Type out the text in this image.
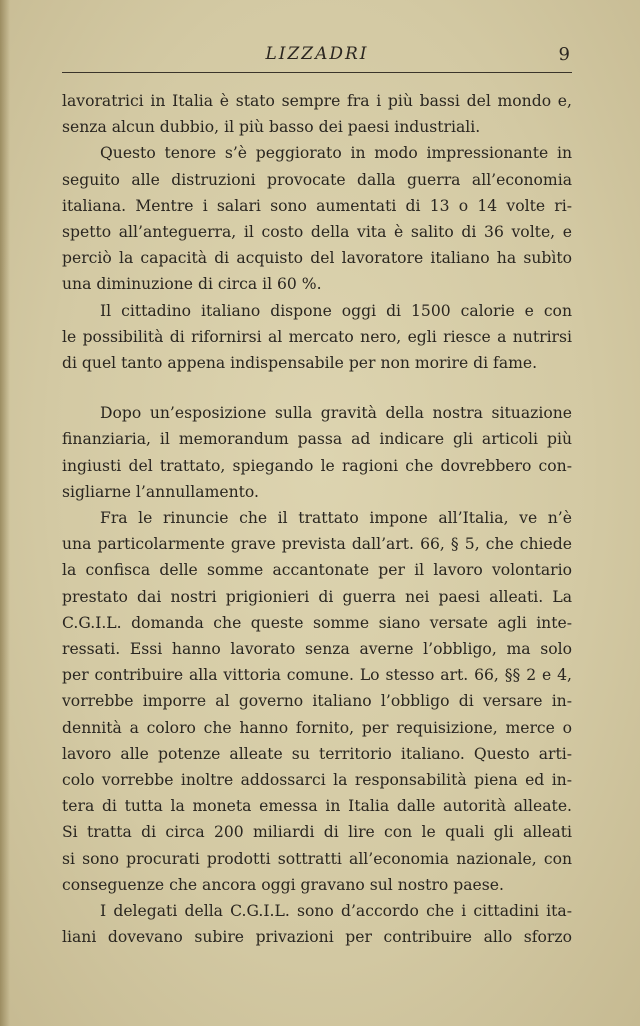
LIZZADRI	9
lavoratrici in Italia è stato sempre fra i più bassi del mondo e,
senza alcun dubbio, il più basso dei paesi industriali.
Questo tenore s’è peggiorato in modo impressionante in
seguito alle distruzioni provocate dalla guerra all’economia
italiana. Mentre i salari sono aumentati di 13 o 14 volte ri-
spetto all’anteguerra, il costo della vita è salito di 36 volte, e
perciò la capacità di acquisto del lavoratore italiano ha subìto
una diminuzione di circa il 60 %.
Il cittadino italiano dispone oggi di 1500 calorie e con
le possibilità di rifornirsi al mercato nero, egli riesce a nutrirsi
di quel tanto appena indispensabile per non morire di fame.
Dopo un’esposizione sulla gravità della nostra situazione
finanziaria, il memorandum passa ad indicare gli articoli più
ingiusti del trattato, spiegando le ragioni che dovrebbero con-
sigliarne l’annullamento.
Fra le rinuncie che il trattato impone all’Italia, ve n’è
una particolarmente grave prevista dall’art. 66, § 5, che chiede
la confisca delle somme accantonate per il lavoro volontario
prestato dai nostri prigionieri di guerra nei paesi alleati. La
C.G.I.L. domanda che queste somme siano versate agli inte-
ressati. Essi hanno lavorato senza averne l’obbligo, ma solo
per contribuire alla vittoria comune. Lo stesso art. 66, §§ 2 e 4,
vorrebbe imporre al governo italiano l’obbligo di versare in-
dennità a coloro che hanno fornito, per requisizione, merce o
lavoro alle potenze alleate su territorio italiano. Questo arti-
colo vorrebbe inoltre addossarci la responsabilità piena ed in-
tera di tutta la moneta emessa in Italia dalle autorità alleate.
Si tratta di circa 200 miliardi di lire con le quali gli alleati
si sono procurati prodotti sottratti all’economia nazionale, con
conseguenze che ancora oggi gravano sul nostro paese.
I delegati della C.G.I.L. sono d’accordo che i cittadini ita-
liani dovevano subire privazioni per contribuire allo sforzo
